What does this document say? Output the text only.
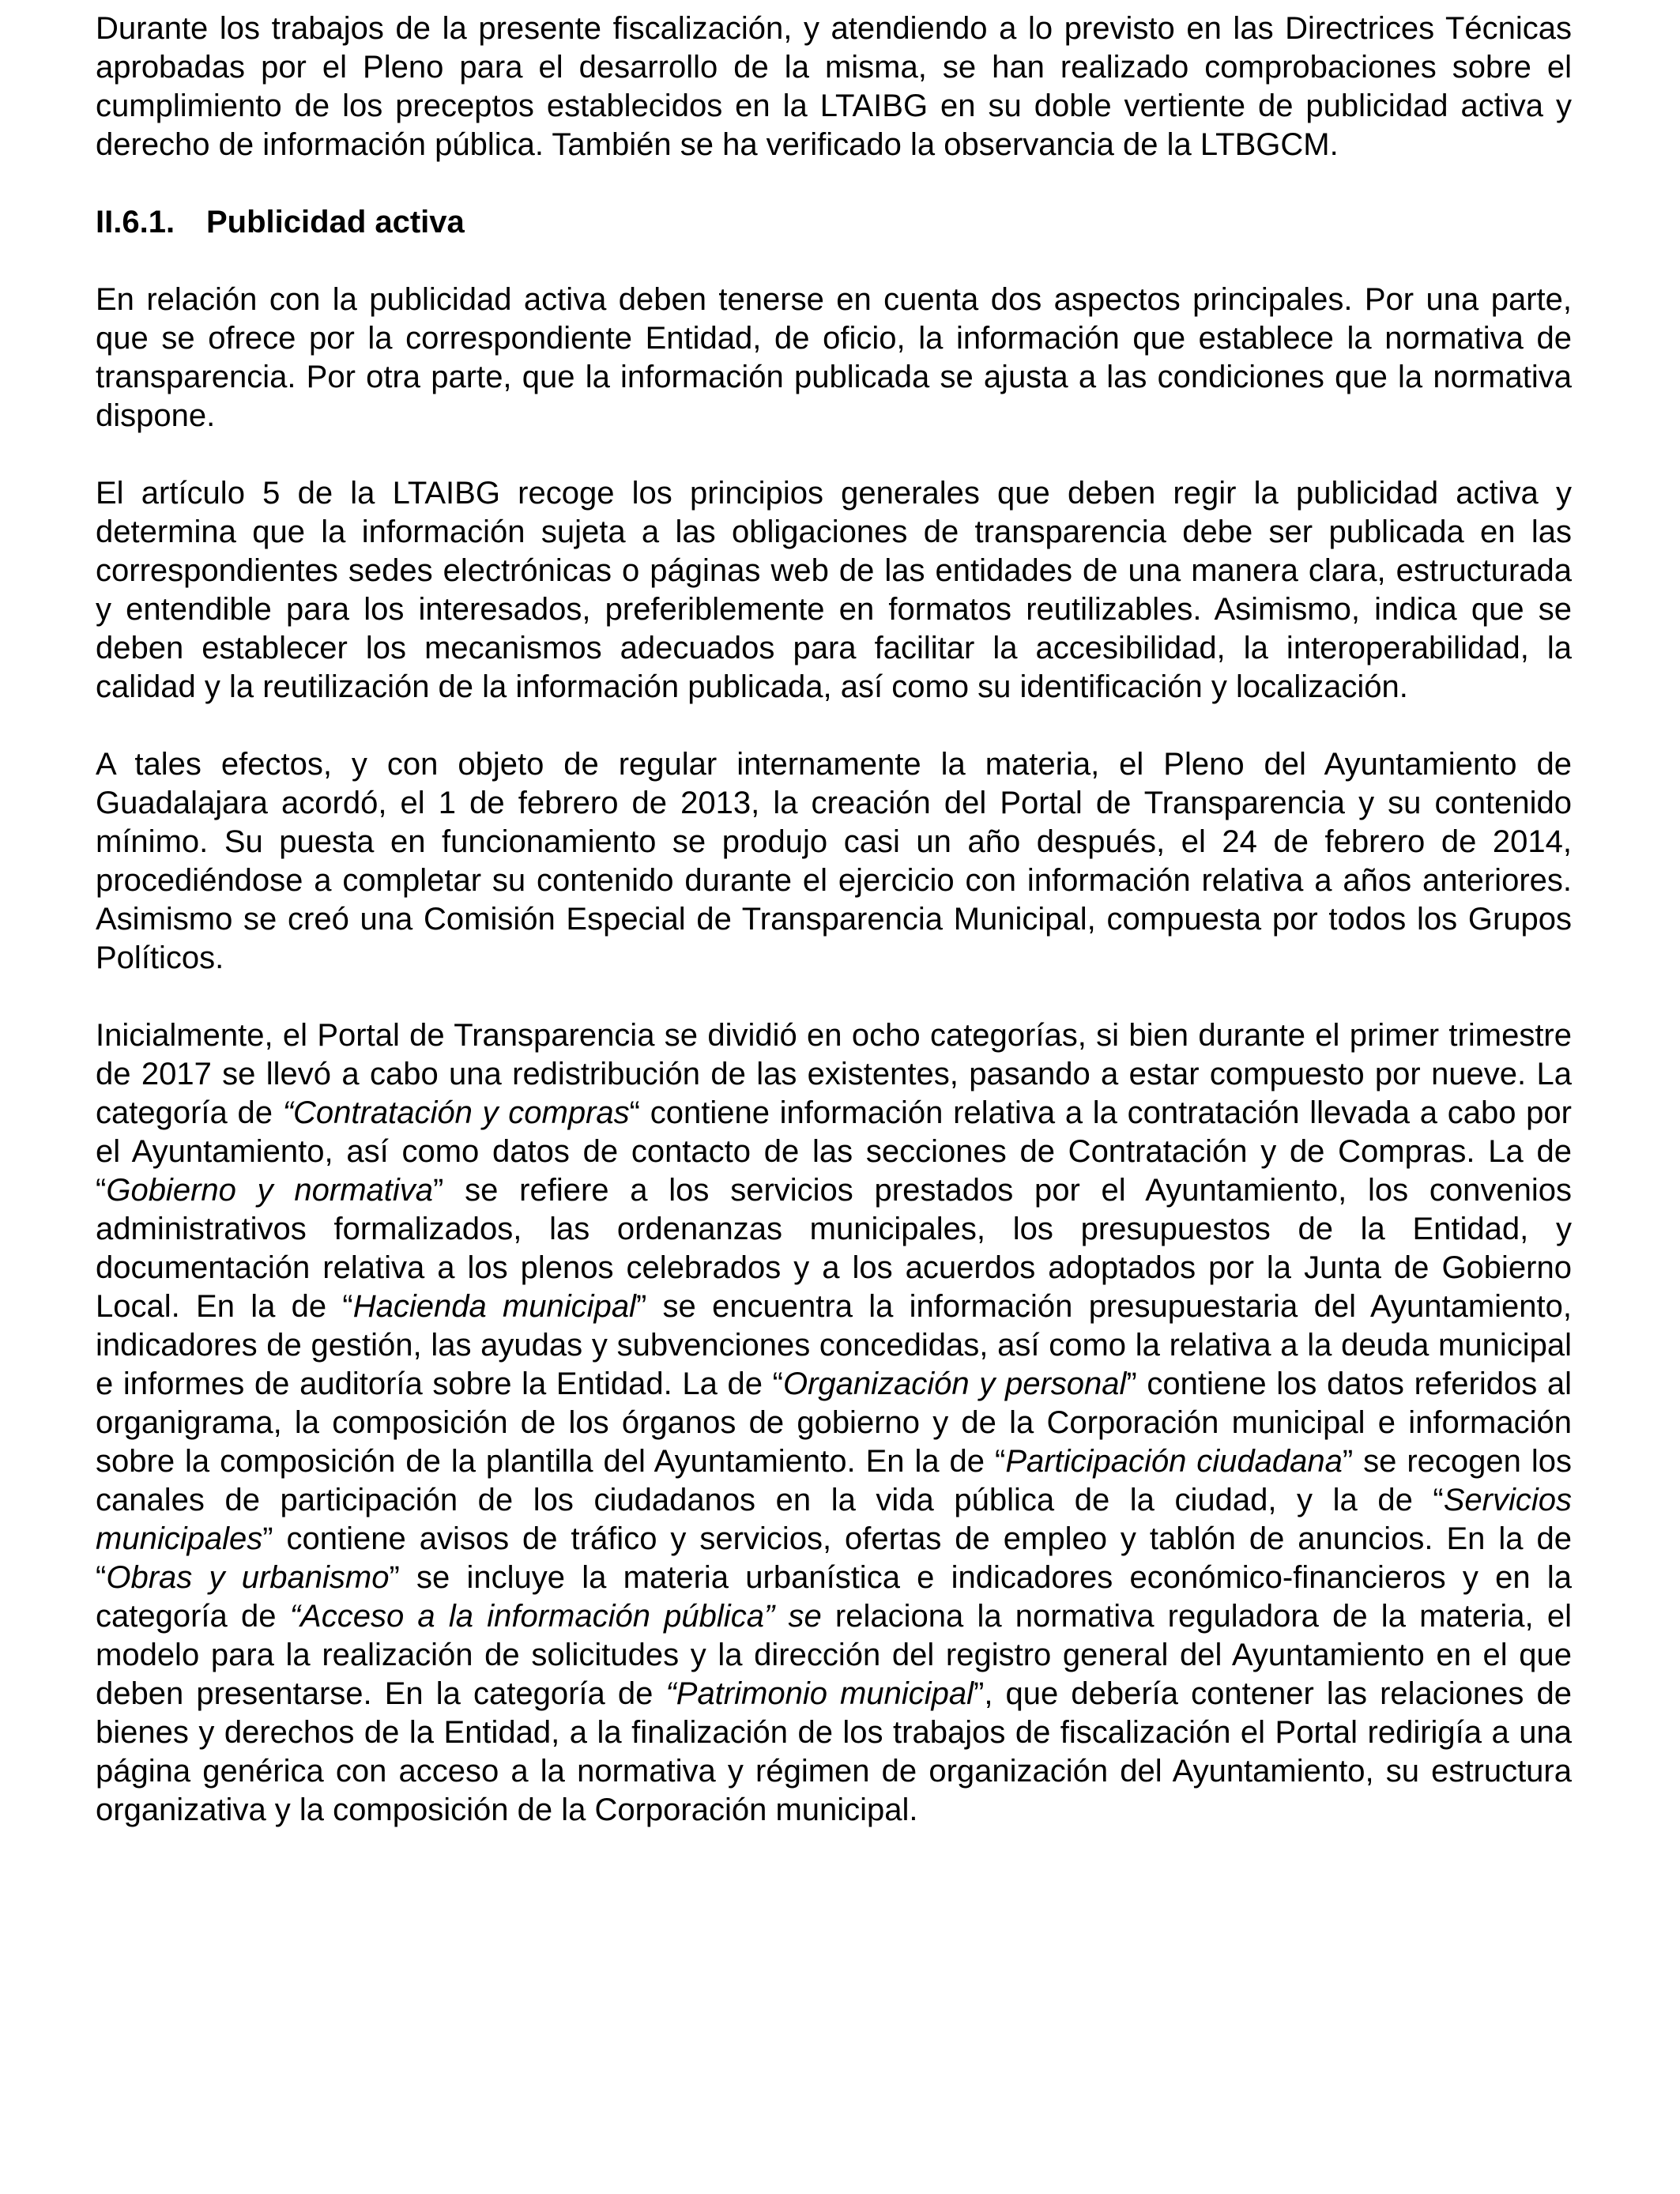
Durante los trabajos de la presente fiscalización, y atendiendo a lo previsto en las Directrices Técnicas aprobadas por el Pleno para el desarrollo de la misma, se han realizado comprobaciones sobre el cumplimiento de los preceptos establecidos en la LTAIBG en su doble vertiente de publicidad activa y derecho de información pública. También se ha verificado la observancia de la LTBGCM.

II.6.1. Publicidad activa

En relación con la publicidad activa deben tenerse en cuenta dos aspectos principales. Por una parte, que se ofrece por la correspondiente Entidad, de oficio, la información que establece la normativa de transparencia. Por otra parte, que la información publicada se ajusta a las condiciones que la normativa dispone.

El artículo 5 de la LTAIBG recoge los principios generales que deben regir la publicidad activa y determina que la información sujeta a las obligaciones de transparencia debe ser publicada en las correspondientes sedes electrónicas o páginas web de las entidades de una manera clara, estructurada y entendible para los interesados, preferiblemente en formatos reutilizables. Asimismo, indica que se deben establecer los mecanismos adecuados para facilitar la accesibilidad, la interoperabilidad, la calidad y la reutilización de la información publicada, así como su identificación y localización.

A tales efectos, y con objeto de regular internamente la materia, el Pleno del Ayuntamiento de Guadalajara acordó, el 1 de febrero de 2013, la creación del Portal de Transparencia y su contenido mínimo. Su puesta en funcionamiento se produjo casi un año después, el 24 de febrero de 2014, procediéndose a completar su contenido durante el ejercicio con información relativa a años anteriores. Asimismo se creó una Comisión Especial de Transparencia Municipal, compuesta por todos los Grupos Políticos.

Inicialmente, el Portal de Transparencia se dividió en ocho categorías, si bien durante el primer trimestre de 2017 se llevó a cabo una redistribución de las existentes, pasando a estar compuesto por nueve. La categoría de “Contratación y compras“ contiene información relativa a la contratación llevada a cabo por el Ayuntamiento, así como datos de contacto de las secciones de Contratación y de Compras. La de “Gobierno y normativa” se refiere a los servicios prestados por el Ayuntamiento, los convenios administrativos formalizados, las ordenanzas municipales, los presupuestos de la Entidad, y documentación relativa a los plenos celebrados y a los acuerdos adoptados por la Junta de Gobierno Local. En la de “Hacienda municipal” se encuentra la información presupuestaria del Ayuntamiento, indicadores de gestión, las ayudas y subvenciones concedidas, así como la relativa a la deuda municipal e informes de auditoría sobre la Entidad. La de “Organización y personal” contiene los datos referidos al organigrama, la composición de los órganos de gobierno y de la Corporación municipal e información sobre la composición de la plantilla del Ayuntamiento. En la de “Participación ciudadana” se recogen los canales de participación de los ciudadanos en la vida pública de la ciudad, y la de “Servicios municipales” contiene avisos de tráfico y servicios, ofertas de empleo y tablón de anuncios. En la de “Obras y urbanismo” se incluye la materia urbanística e indicadores económico-financieros y en la categoría de “Acceso a la información pública” se relaciona la normativa reguladora de la materia, el modelo para la realización de solicitudes y la dirección del registro general del Ayuntamiento en el que deben presentarse. En la categoría de “Patrimonio municipal”, que debería contener las relaciones de bienes y derechos de la Entidad, a la finalización de los trabajos de fiscalización el Portal redirigía a una página genérica con acceso a la normativa y régimen de organización del Ayuntamiento, su estructura organizativa y la composición de la Corporación municipal.
